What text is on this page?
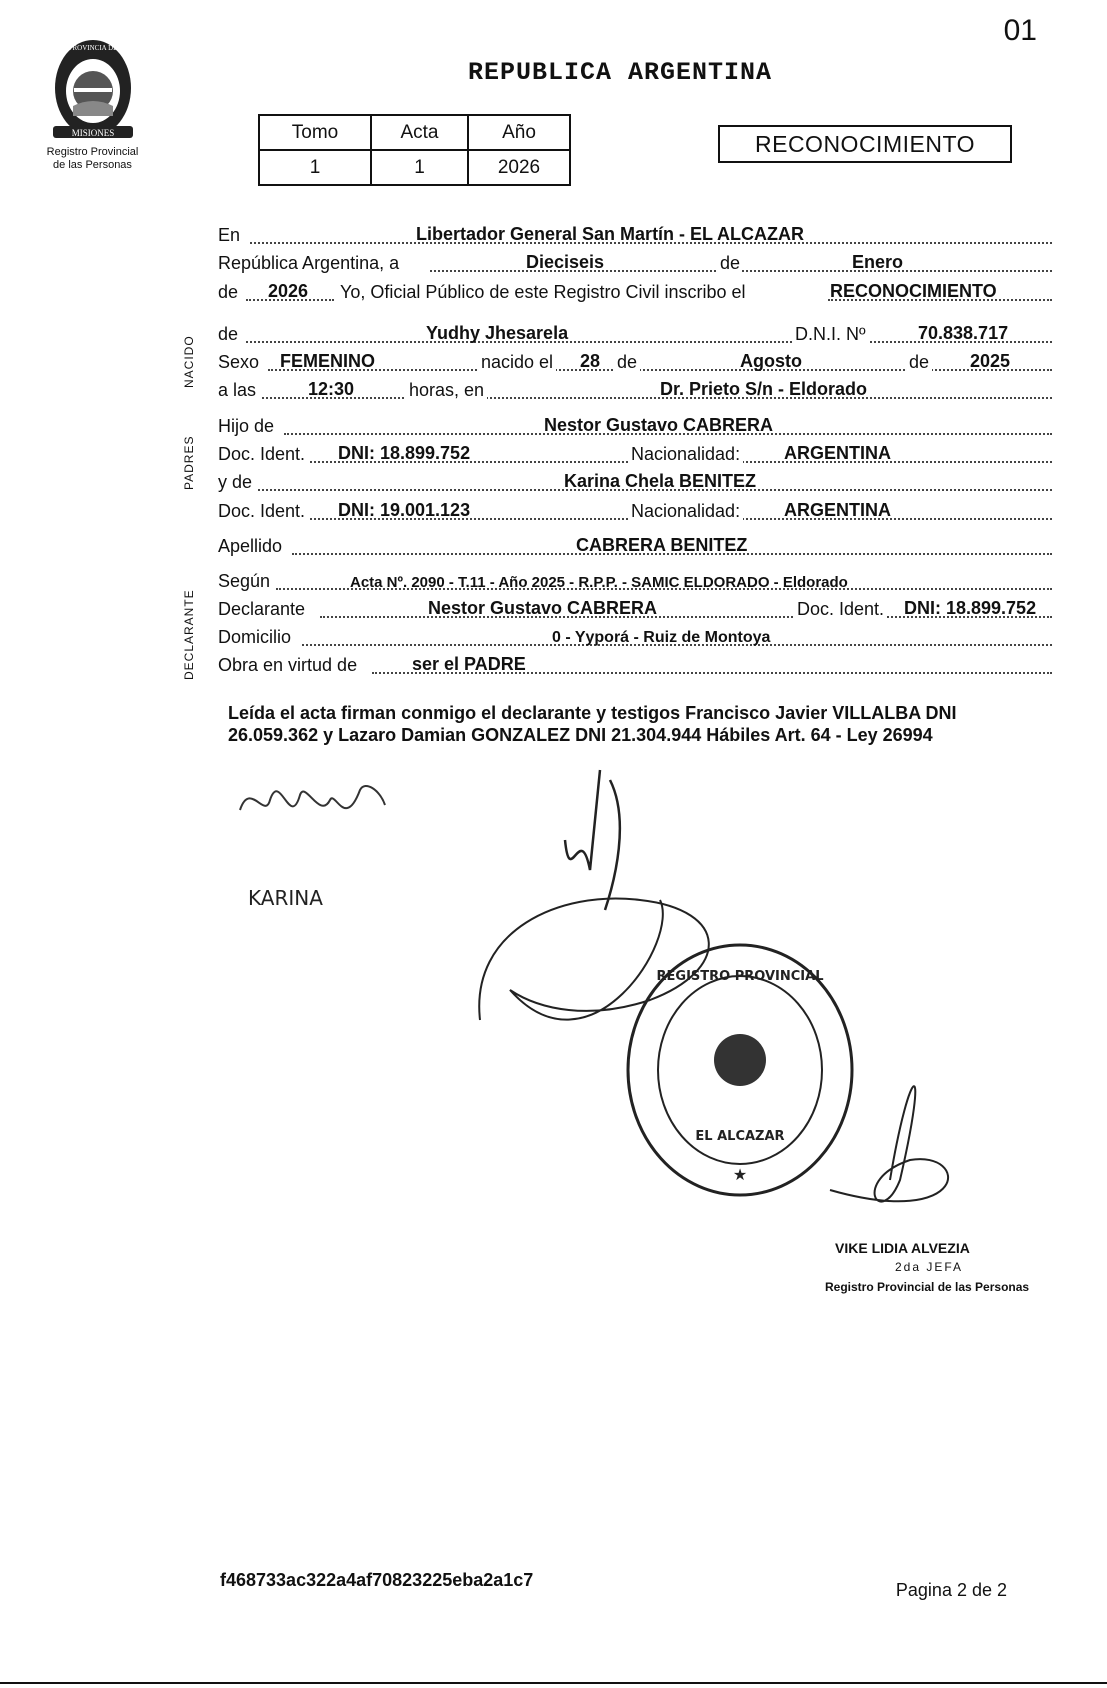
01
MISIONES
PROVINCIA DE
Registro Provincial
de las Personas
REPUBLICA ARGENTINA
Tomo	Acta	Año
1	1	2026
RECONOCIMIENTO
En	Libertador General San Martín - EL ALCAZAR
República Argentina, a	Dieciseis	de	Enero
de 2026 Yo, Oficial Público de este Registro Civil inscribo el	RECONOCIMIENTO
NACIDO
de	Yudhy Jhesarela	D.N.I. Nº	70.838.717
Sexo FEMENINO	nacido el 28 de	Agosto	de 2025
a las	12:30	horas, en	Dr. Prieto S/n - Eldorado
PADRES
Hijo de	Nestor Gustavo CABRERA
Doc. Ident. DNI: 18.899.752	Nacionalidad: ARGENTINA
y de	Karina Chela BENITEZ
Doc. Ident. DNI: 19.001.123	Nacionalidad: ARGENTINA
Apellido	CABRERA BENITEZ
DECLARANTE
Según	Acta Nº. 2090 - T.11 - Año 2025 - R.P.P. - SAMIC ELDORADO - Eldorado
Declarante	Nestor Gustavo CABRERA	Doc. Ident. DNI: 18.899.752
Domicilio	0 - Yyporá - Ruiz de Montoya
Obra en virtud de	ser el PADRE
Leída el acta firman conmigo el declarante y testigos Francisco Javier VILLALBA DNI 26.059.362 y Lazaro Damian GONZALEZ DNI 21.304.944 Hábiles Art. 64 - Ley 26994
KARINA
REGISTRO PROVINCIAL
EL ALCAZAR
★
VIKE LIDIA ALVEZIA
2da JEFA
Registro Provincial de las Personas
f468733ac322a4af70823225eba2a1c7	Pagina 2 de 2
